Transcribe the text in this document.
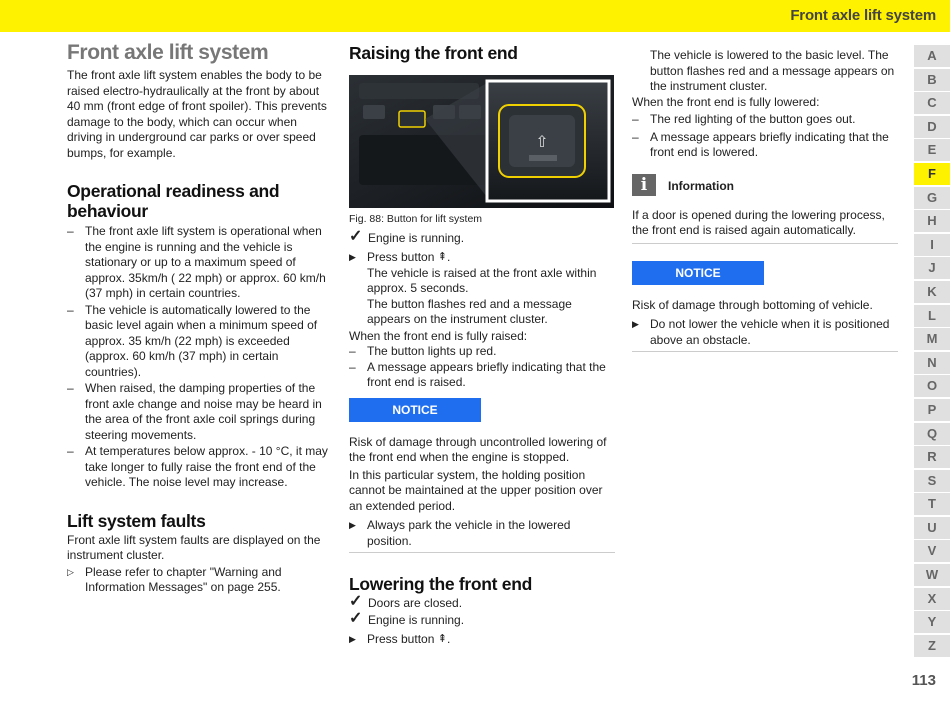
Front axle lift system
Front axle lift system

The front axle lift system enables the body to be raised electro-hydraulically at the front by about 40 mm (front edge of front spoiler). This prevents damage to the body, which can occur when driving in underground car parks or over speed bumps, for example.

Operational readiness and behaviour
– The front axle lift system is operational when the engine is running and the vehicle is stationary or up to a maximum speed of approx. 35km/h ( 22 mph) or approx. 60 km/h (37 mph) in certain countries.
– The vehicle is automatically lowered to the basic level again when a minimum speed of approx. 35 km/h (22 mph) is exceeded (approx. 60 km/h (37 mph) in certain countries).
– When raised, the damping properties of the front axle change and noise may be heard in the area of the front axle coil springs during steering movements.
– At temperatures below approx. - 10 °C, it may take longer to fully raise the front end of the vehicle. The noise level may increase.
Lift system faults

Front axle lift system faults are displayed on the instrument cluster.

▷ Please refer to chapter "Warning and Information Messages" on page 255.
Raising the front end
⇧
Fig. 88: Button for lift system
✓ Engine is running.
▶ Press button ⇞.

The vehicle is raised at the front axle within approx. 5 seconds.

The button flashes red and a message appears on the instrument cluster.

When the front end is fully raised:

– The button lights up red.
– A message appears briefly indicating that the front end is raised.
NOTICE

Risk of damage through uncontrolled lowering of the front end when the engine is stopped.

In this particular system, the holding position cannot be maintained at the upper position over an extended period.

▶ Always park the vehicle in the lowered position.
Lowering the front end
✓ Doors are closed.
✓ Engine is running.
▶ Press button ⇞.

The vehicle is lowered to the basic level. The button flashes red and a message appears on the instrument cluster.

When the front end is fully lowered:

– The red lighting of the button goes out.
– A message appears briefly indicating that the front end is lowered.
i	Information

If a door is opened during the lowering process, the front end is raised again automatically.

NOTICE

Risk of damage through bottoming of vehicle.

▶ Do not lower the vehicle when it is positioned above an obstacle.
A
B
C
D
E
F
G
H
I
J
K
L
M
N
O
P
Q
R
S
T
U
V
W
X
Y
Z
113
